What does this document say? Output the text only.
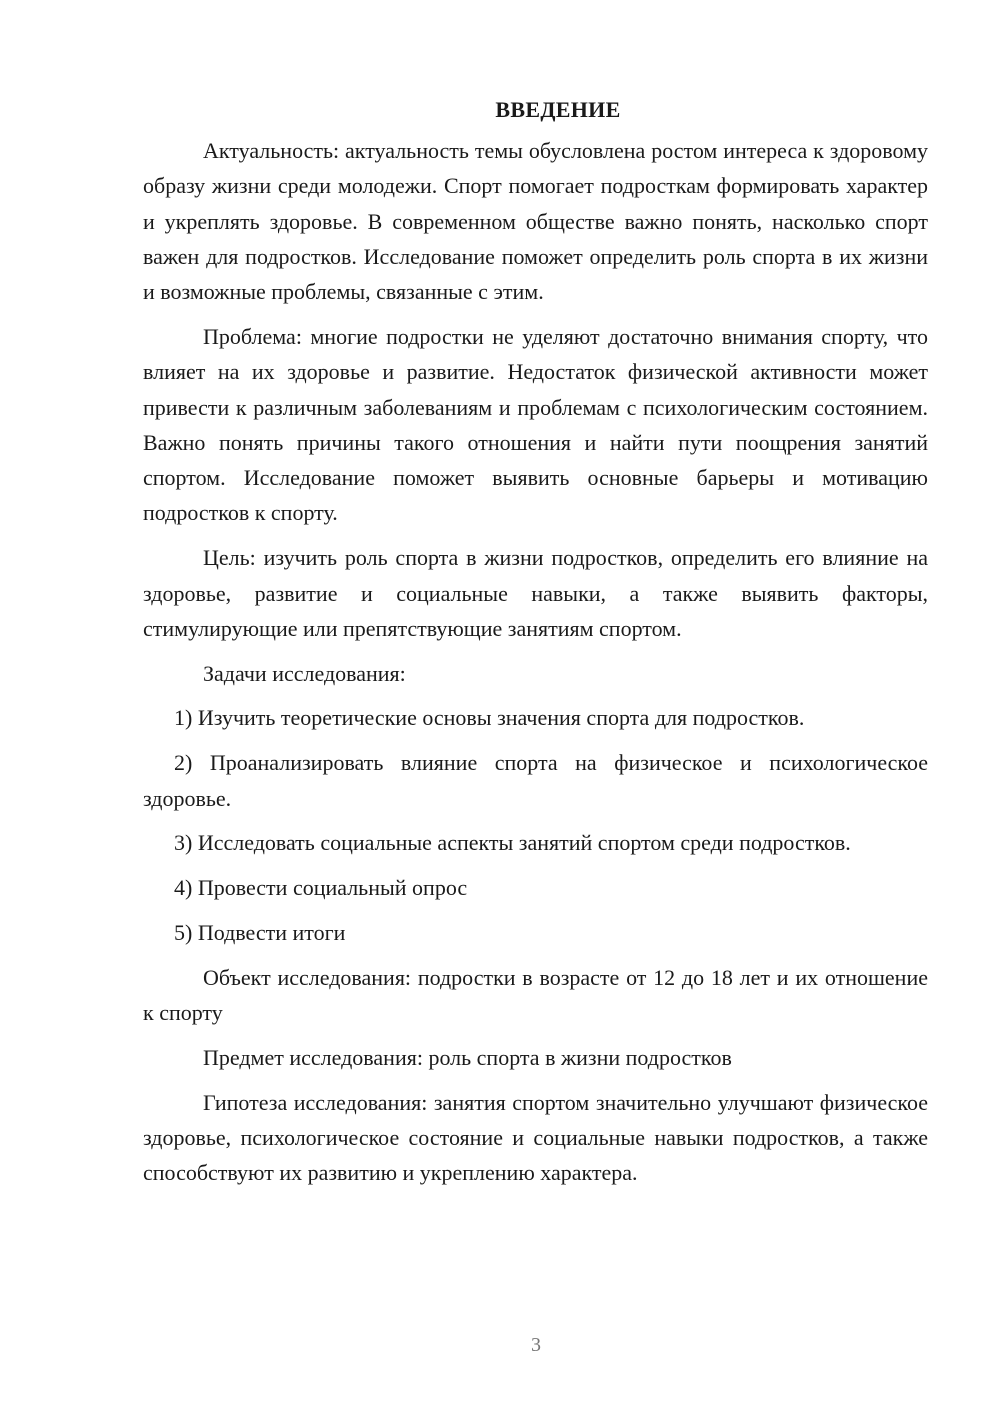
ВВЕДЕНИЕ

Актуальность: актуальность темы обусловлена ростом интереса к здоровому образу жизни среди молодежи. Спорт помогает подросткам формировать характер и укреплять здоровье. В современном обществе важно понять, насколько спорт важен для подростков. Исследование поможет определить роль спорта в их жизни и возможные проблемы, связанные с этим.

Проблема: многие подростки не уделяют достаточно внимания спорту, что влияет на их здоровье и развитие. Недостаток физической активности может привести к различным заболеваниям и проблемам с психологическим состоянием. Важно понять причины такого отношения и найти пути поощрения занятий спортом. Исследование поможет выявить основные барьеры и мотивацию подростков к спорту.

Цель: изучить роль спорта в жизни подростков, определить его влияние на здоровье, развитие и социальные навыки, а также выявить факторы, стимулирующие или препятствующие занятиям спортом.

Задачи исследования:

1) Изучить теоретические основы значения спорта для подростков.

2) Проанализировать влияние спорта на физическое и психологическое здоровье.

3) Исследовать социальные аспекты занятий спортом среди подростков.

4) Провести социальный опрос

5) Подвести итоги

Объект исследования: подростки в возрасте от 12 до 18 лет и их отношение к спорту

Предмет исследования: роль спорта в жизни подростков

Гипотеза исследования: занятия спортом значительно улучшают физическое здоровье, психологическое состояние и социальные навыки подростков, а также способствуют их развитию и укреплению характера.

3
